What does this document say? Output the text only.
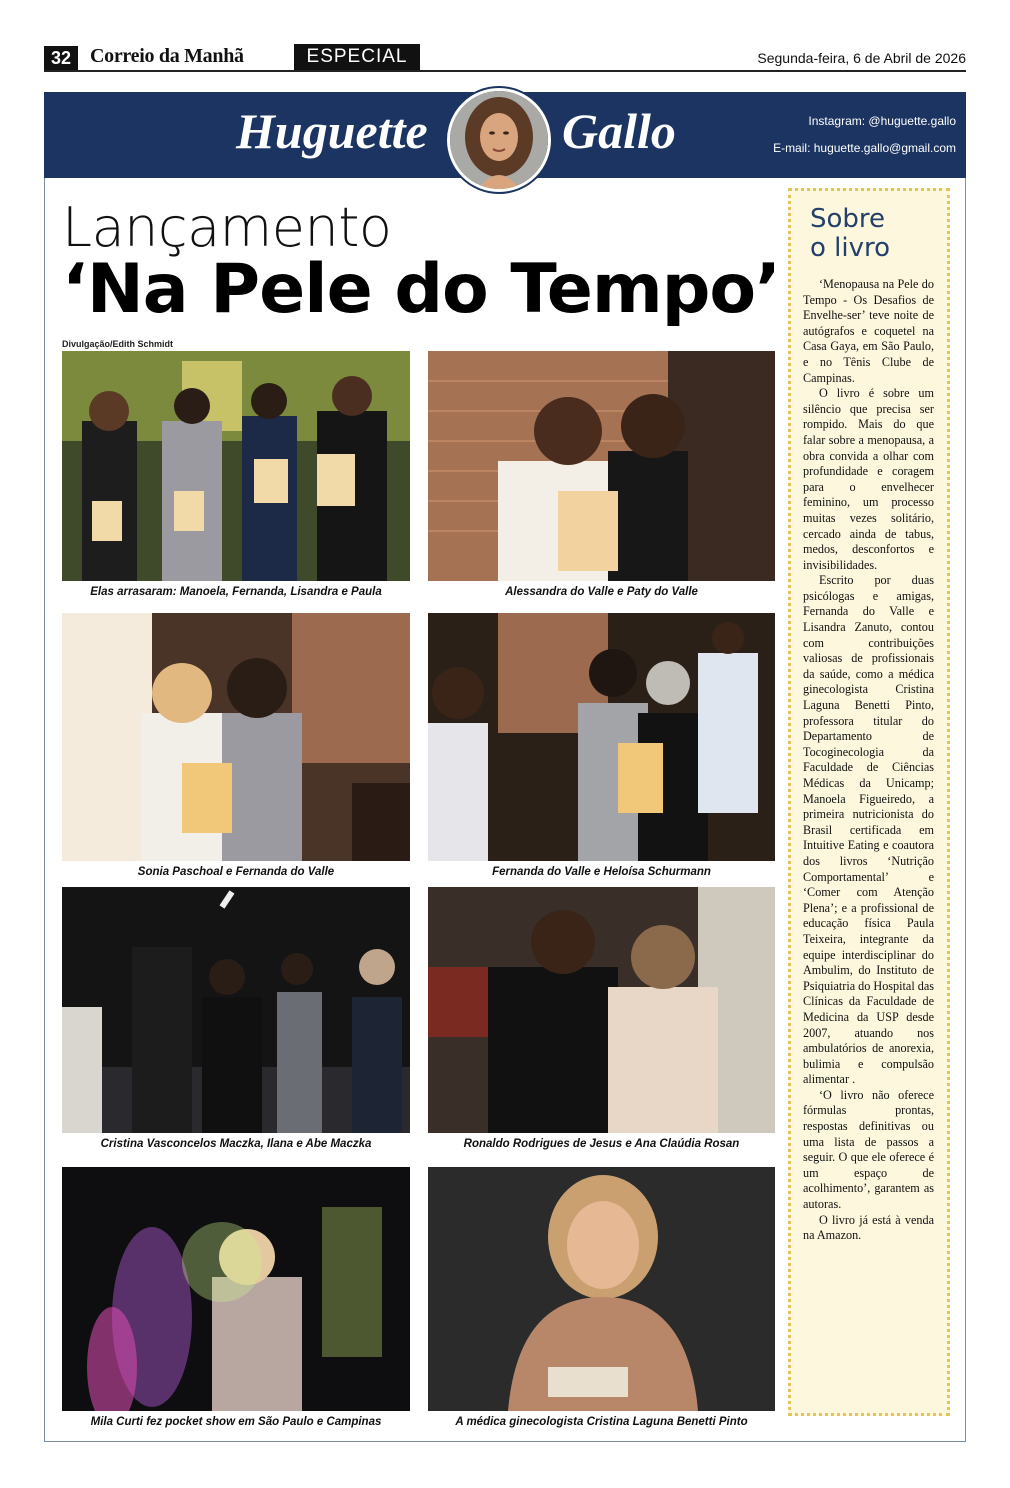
32 Correio da Manhã	ESPECIAL	Segunda-feira, 6 de Abril de 2026
Huguette	Gallo	Instagram: @huguette.gallo
E-mail: huguette.gallo@gmail.com
Lançamento
‘Na Pele do Tempo’
Divulgação/Edith Schmidt
Elas arrasaram: Manoela, Fernanda, Lisandra e Paula	Alessandra do Valle e Paty do Valle
Sonia Paschoal e Fernanda do Valle	Fernanda do Valle e Heloísa Schurmann
Cristina Vasconcelos Maczka, Ilana e Abe Maczka	Ronaldo Rodrigues de Jesus e Ana Claúdia Rosan
Mila Curti fez pocket show em São Paulo e Campinas	A médica ginecologista Cristina Laguna Benetti Pinto
Sobre
o livro

‘Menopausa na Pele do Tempo - Os Desafios de Envelhe-ser’ teve noite de autógrafos e coquetel na Casa Gaya, em São Paulo, e no Tênis Clube de Campinas.

O livro é sobre um silêncio que precisa ser rompido. Mais do que falar sobre a menopausa, a obra convida a olhar com profundidade e coragem para o envelhecer feminino, um processo muitas vezes solitário, cercado ainda de tabus, medos, desconfortos e invisibilidades.

Escrito por duas psicólogas e amigas, Fernanda do Valle e Lisandra Zanuto, contou com contribuições valiosas de profissionais da saúde, como a médica ginecologista Cristina Laguna Benetti Pinto, professora titular do Departamento de Tocoginecologia da Faculdade de Ciências Médicas da Unicamp; Manoela Figueiredo, a primeira nutricionista do Brasil certificada em Intuitive Eating e coautora dos livros ‘Nutrição Comportamental’ e ‘Comer com Atenção Plena’; e a profissional de educação física Paula Teixeira, integrante da equipe interdisciplinar do Ambulim, do Instituto de Psiquiatria do Hospital das Clínicas da Faculdade de Medicina da USP desde 2007, atuando nos ambulatórios de anorexia, bulimia e compulsão alimentar .

‘O livro não oferece fórmulas prontas, respostas definitivas ou uma lista de passos a seguir. O que ele oferece é um espaço de acolhimento’, garantem as autoras.

O livro já está à venda na Amazon.
